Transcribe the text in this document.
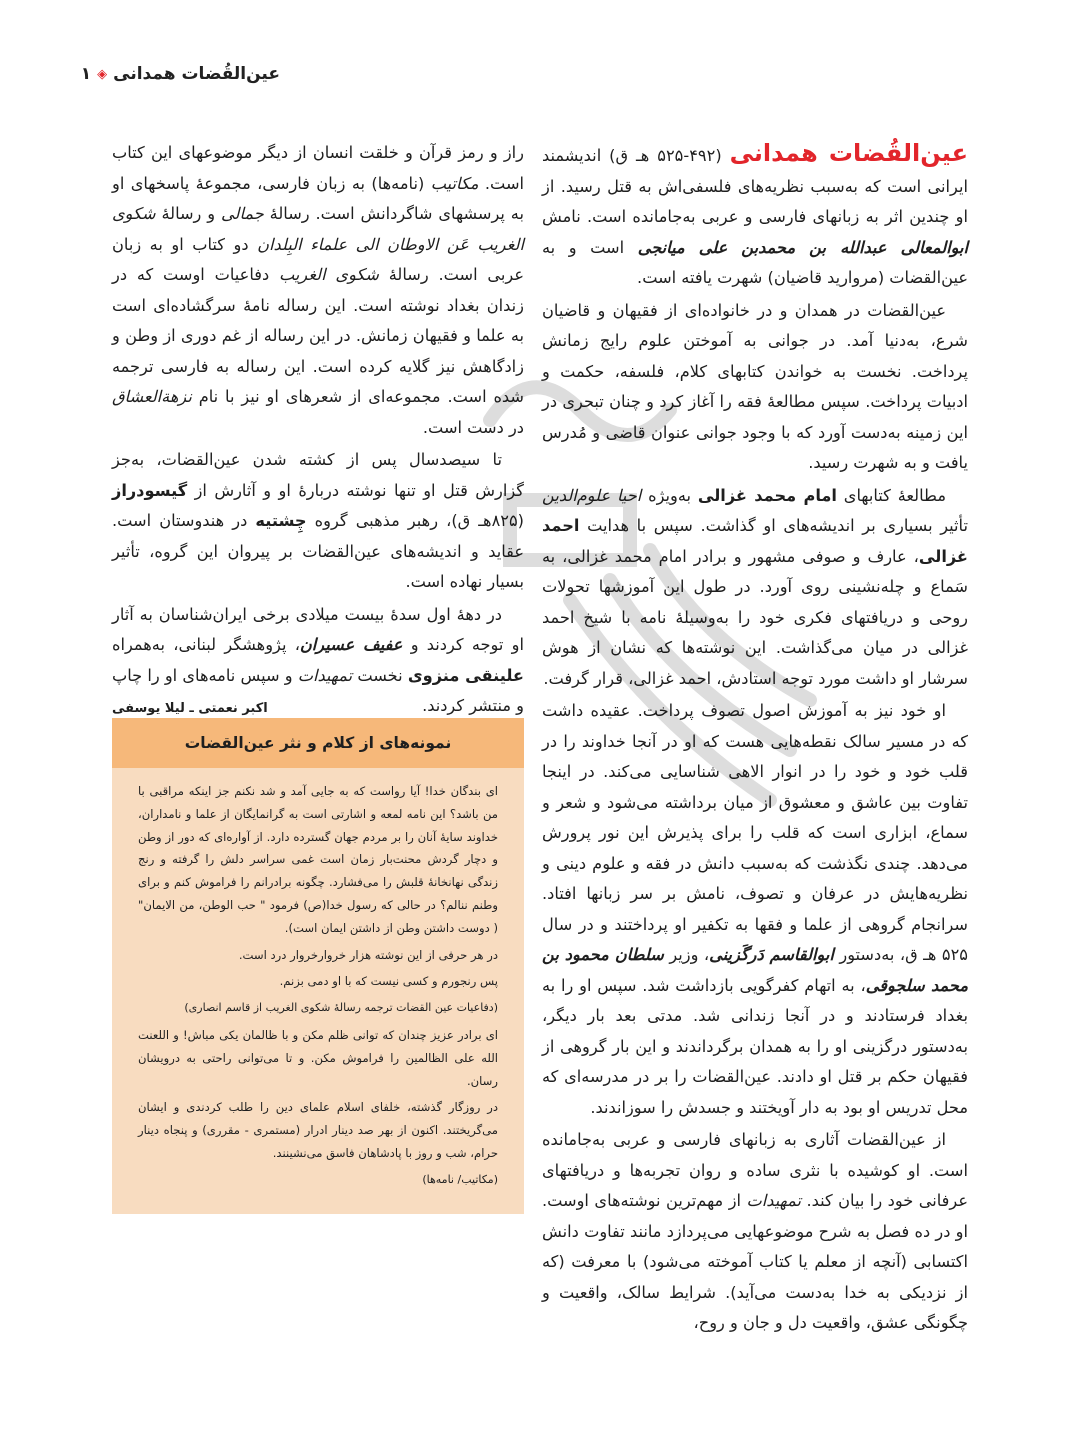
عین‌القُضات همدانی
◈
۱

عین‌القُضات همدانی (۴۹۲-۵۲۵ هـ ق) اندیشمند ایرانی است که به‌سبب نظریه‌های فلسفی‌اش به قتل رسید. از او چندین اثر به زبانهای فارسی و عربی به‌جامانده است. نامش ابوالمعالی عبدالله بن محمدبن علی میانجی است و به عین‌القضات (مروارید قاضیان) شهرت یافته است.

عین‌القضات در همدان و در خانواده‌ای از فقیهان و قاضیان شرع، به‌دنیا آمد. در جوانی به آموختن علوم رایج زمانش پرداخت. نخست به خواندن کتابهای کلام، فلسفه، حکمت و ادبیات پرداخت. سپس مطالعهٔ فقه را آغاز کرد و چنان تبحری در این زمینه به‌دست آورد که با وجود جوانی عنوان قاضی و مُدرس یافت و به شهرت رسید.

مطالعهٔ کتابهای امام محمد غزالی به‌ویژه احیا علوم‌الدین تأثیر بسیاری بر اندیشه‌های او گذاشت. سپس با هدایت احمد غزالی، عارف و صوفی مشهور و برادر امام محمد غزالی، به سَماع و چله‌نشینی روی آورد. در طول این آموزشها تحولات روحی و دریافتهای فکری خود را به‌وسیلهٔ نامه با شیخ احمد غزالی در میان می‌گذاشت. این نوشته‌ها که نشان از هوش سرشار او داشت مورد توجه استادش، احمد غزالی، قرار گرفت.

او خود نیز به آموزش اصول تصوف پرداخت. عقیده داشت که در مسیر سالک نقطه‌هایی هست که او در آنجا خداوند را در قلب خود و خود را در انوار الاهی شناسایی می‌کند. در اینجا تفاوت بین عاشق و معشوق از میان برداشته می‌شود و شعر و سماع، ابزاری است که قلب را برای پذیرش این نور پرورش می‌دهد. چندی نگذشت که به‌سبب دانش در فقه و علوم دینی و نظریه‌هایش در عرفان و تصوف، نامش بر سر زبانها افتاد. سرانجام گروهی از علما و فقها به تکفیر او پرداختند و در سال ۵۲۵ هـ ق، به‌دستور ابوالقاسم دَرگَزینی، وزیر سلطان محمود بن محمد سلجوقی، به اتهام کفرگویی بازداشت شد. سپس او را به بغداد فرستادند و در آنجا زندانی شد. مدتی بعد بار دیگر، به‌دستور درگزینی او را به همدان برگرداندند و این بار گروهی از فقیهان حکم بر قتل او دادند. عین‌القضات را بر در مدرسه‌ای که محل تدریس او بود به دار آویختند و جسدش را سوزاندند.

از عین‌القضات آثاری به زبانهای فارسی و عربی به‌جامانده است. او کوشیده با نثری ساده و روان تجربه‌ها و دریافتهای عرفانی خود را بیان کند. تمهیدات از مهم‌ترین نوشته‌های اوست. او در ده فصل به شرح موضوعهایی می‌پردازد مانند تفاوت دانش اکتسابی (آنچه از معلم یا کتاب آموخته می‌شود) با معرفت (که از نزدیکی به خدا به‌دست می‌آید). شرایط سالک، واقعیت و چگونگی عشق، واقعیت دل و جان و روح،

راز و رمز قرآن و خلقت انسان از دیگر موضوعهای این کتاب است. مکاتیب (نامه‌ها) به زبان فارسی، مجموعهٔ پاسخهای او به پرسشهای شاگردانش است. رسالهٔ جمالی و رسالهٔ شکوی الغریب عَن الاوطان الی علماء البِلدان دو کتاب او به زبان عربی است. رسالهٔ شکوی الغریب دفاعیات اوست که در زندان بغداد نوشته است. این رساله نامهٔ سرگشاده‌ای است به علما و فقیهان زمانش. در این رساله از غم دوری از وطن و زادگاهش نیز گلایه کرده است. این رساله به فارسی ترجمه شده است. مجموعه‌ای از شعرهای او نیز با نام نزهةالعشاق در دست است.

تا سیصدسال پس از کشته شدن عین‌القضات، به‌جز گزارش قتل او تنها نوشته دربارهٔ او و آثارش از گیسودراز (۸۲۵هـ ق)، رهبر مذهبی گروه چِشتیه در هندوستان است. عقاید و اندیشه‌های عین‌القضات بر پیروان این گروه، تأثیر بسیار نهاده است.

در دههٔ اول سدهٔ بیست میلادی برخی ایران‌شناسان به آثار او توجه کردند و عفیف عسیران، پژوهشگر لبنانی، به‌همراه علینقی منزوی نخست تمهیدات و سپس نامه‌های او را چاپ و منتشر کردند.

اکبر نعمتی ـ لیلا یوسفی
نمونه‌های از کلام و نثر عین‌القضات

ای بندگان خدا! آیا رواست که به جایی آمد و شد نکنم جز اینکه مراقبی با من باشد؟ این نامه لمعه و اشارتی است به گرانمایگان از علما و نامداران، خداوند سایهٔ آنان را بر مردم جهان گسترده دارد. از آواره‌ای که دور از وطن و دچار گردش محنت‌بار زمان است غمی سراسر دلش را گرفته و رنج زندگی نهانخانهٔ قلبش را می‌فشارد. چگونه برادرانم را فراموش کنم و برای وطنم ننالم؟ در حالی که رسول خدا(ص) فرمود " حب الوطن، من الایمان" ( دوست داشتن وطن از داشتن ایمان است).

در هر حرفی از این نوشته هزار خروارخروار درد است.

پس رنجورم و کسی نیست که با او دمی بزنم.

(دفاعیات عین القضات ترجمه رسالهٔ شکوی الغریب از قاسم انصاری)

ای برادر عزیز چندان که توانی ظلم مکن و با ظالمان یکی مباش! و اللعنت الله علی الظالمین را فراموش مکن. و تا می‌توانی راحتی به درویشان رسان.

در روزگار گذشته، خلفای اسلام علمای دین را طلب کردندی و ایشان می‌گریختند. اکنون از بهر صد دینار ادرار (مستمری - مقرری) و پنجاه دینار حرام، شب و روز با پادشاهان فاسق می‌نشینند.

(مکاتیب/ نامه‌ها)
